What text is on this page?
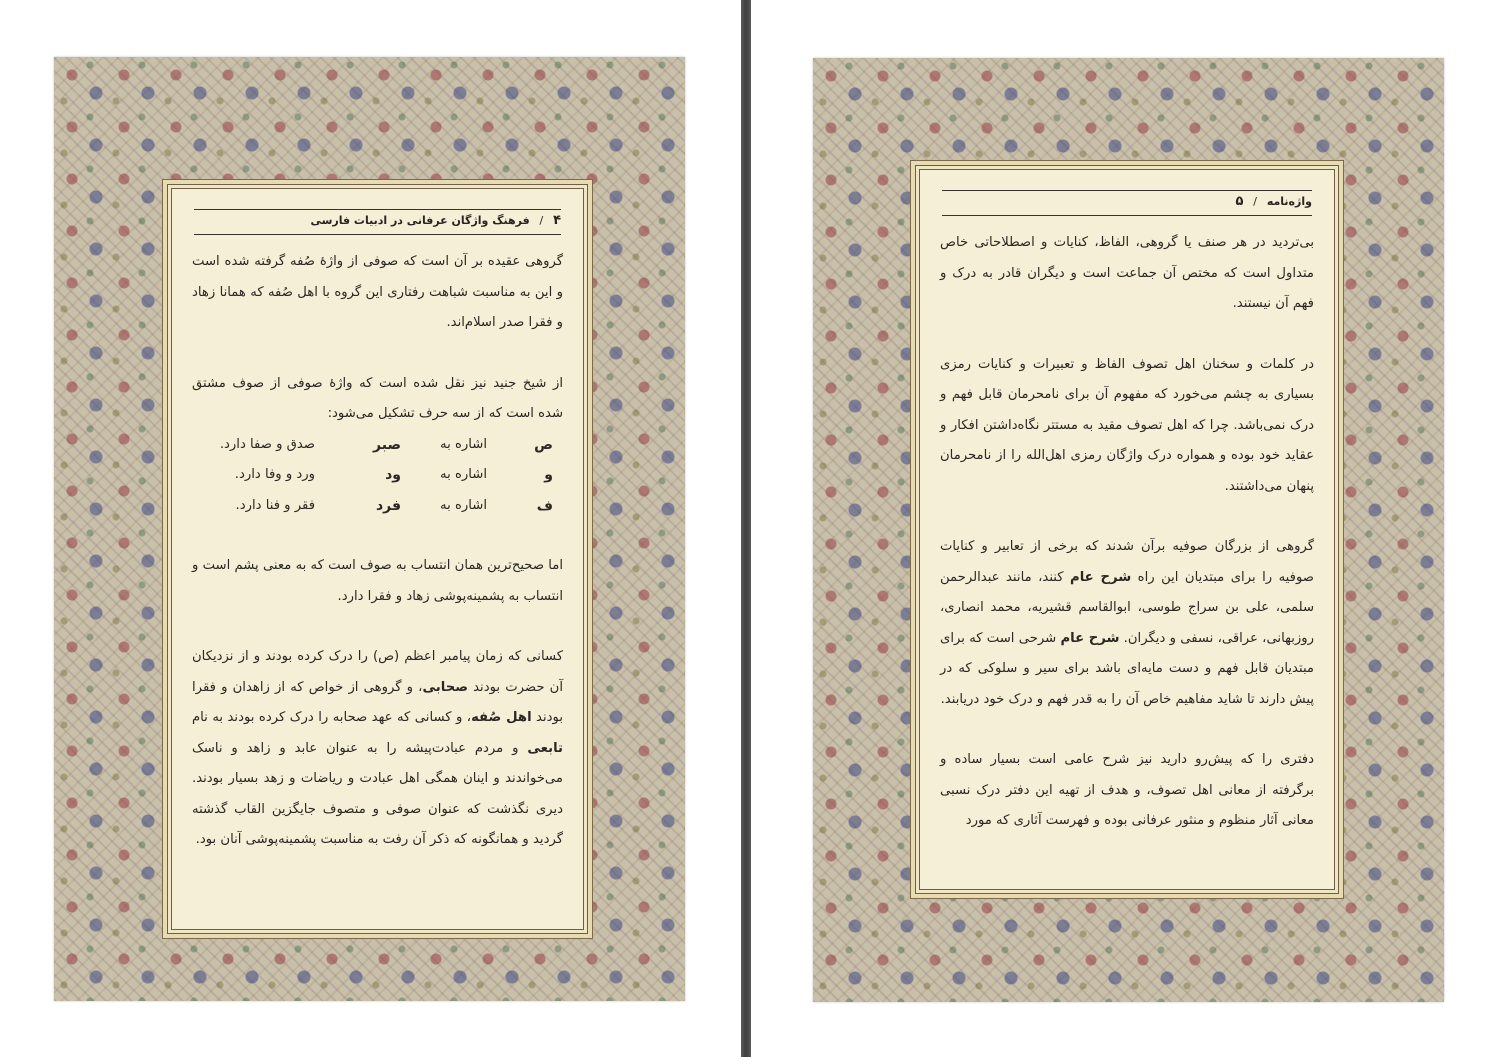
۴ / فرهنگ واژگان عرفانی در ادبیات فارسی

گروهی عقیده بر آن است که صوفی از واژهٔ صُفه گرفته شده است و این به مناسبت شباهت رفتاری این گروه با اهل صُفه که همانا زهاد و فقرا صدر اسلام‌اند.

از شیخ جنید نیز نقل شده است که واژهٔ صوفی از صوف مشتق شده است که از سه حرف تشکیل می‌شود:

ص	اشاره به	صبر	صدق و صفا دارد.
و	اشاره به	ود	ورد و وفا دارد.
ف	اشاره به	فرد	فقر و فنا دارد.

اما صحیح‌ترین همان انتساب به صوف است که به معنی پشم است و انتساب به پشمینه‌پوشی زهاد و فقرا دارد.

کسانی که زمان پیامبر اعظم (ص) را درک کرده بودند و از نزدیکان آن حضرت بودند صحابی، و گروهی از خواص که از زاهدان و فقرا بودند اهل صُفه، و کسانی که عهد صحابه را درک کرده بودند به نام تابعی و مردم عبادت‌پیشه را به عنوان عابد و زاهد و ناسک می‌خواندند و اینان همگی اهل عبادت و ریاضات و زهد بسیار بودند. دیری نگذشت که عنوان صوفی و متصوف جایگزین القاب گذشته گردید و همانگونه که ذکر آن رفت به مناسبت پشمینه‌پوشی آنان بود.

واژه‌نامه / ۵

بی‌تردید در هر صنف یا گروهی، الفاظ، کنایات و اصطلاحاتی خاص متداول است که مختص آن جماعت است و دیگران قادر به درک و فهم آن نیستند.

در کلمات و سخنان اهل تصوف الفاظ و تعبیرات و کنایات رمزی بسیاری به چشم می‌خورد که مفهوم آن برای نامحرمان قابل فهم و درک نمی‌باشد. چرا که اهل تصوف مقید به مستتر نگاه‌داشتن افکار و عقاید خود بوده و همواره درک واژگان رمزی اهل‌الله را از نامحرمان پنهان می‌داشتند.

گروهی از بزرگان صوفیه برآن شدند که برخی از تعابیر و کنایات صوفیه را برای مبتدیان این راه شرح عام کنند، مانند عبدالرحمن سلمی، علی بن سراج طوسی، ابوالقاسم قشیریه، محمد انصاری، روزبهانی، عراقی، نسفی و دیگران. شرح عام شرحی است که برای مبتدیان قابل فهم و دست مایه‌ای باشد برای سیر و سلوکی که در پیش دارند تا شاید مفاهیم خاص آن را به قدر فهم و درک خود دریابند.

دفتری را که پیش‌رو دارید نیز شرح عامی است بسیار ساده و برگرفته از معانی اهل تصوف، و هدف از تهیه این دفتر درک نسبی معانی آثار منظوم و منثور عرفانی بوده و فهرست آثاری که مورد
